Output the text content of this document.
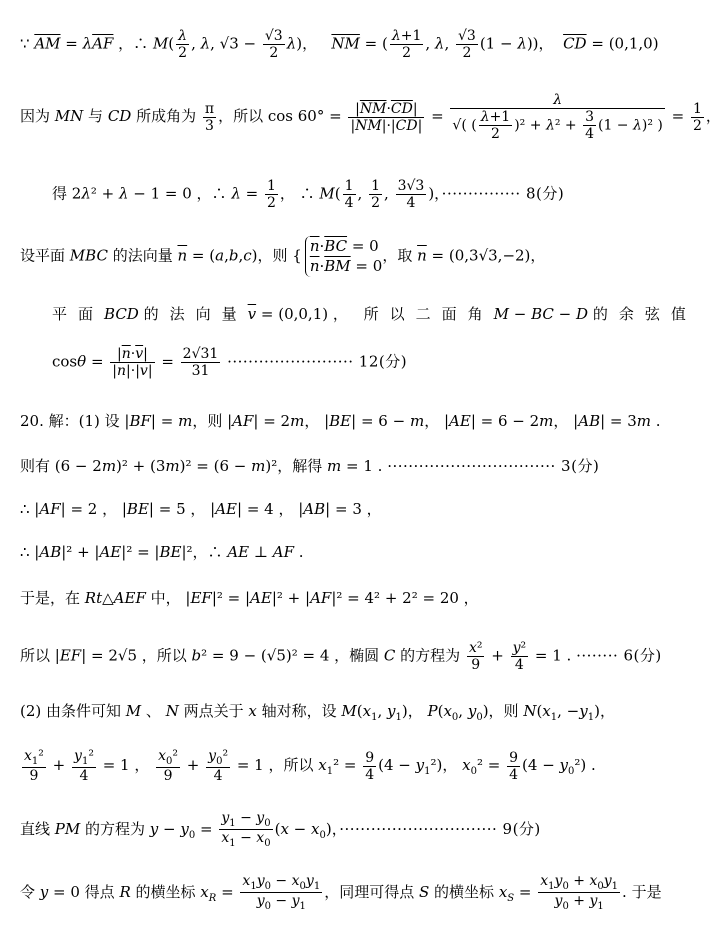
∵ $\overline{AM} = \lambda\overline{AF}$ ，∴ $M( \frac{\lambda}{2}$ , λ, $√3 - \frac{√3}{2} \lambda$)，   $\overline{NM}$ = ( $\frac{\lambda+1}{2}$ , λ, $\frac{√3}{2} (1 - \lambda)$)，  $\overline{CD} = (0,1,0)$
因为 MN 与 CD 所成角为 $\frac{\pi}{3}$ ，所以 $\cos 60^\circ = \frac{|\overline{NM}\cdot\overline{CD}|}{|\overline{NM}|\cdot|\overline{CD}|} = \frac{\lambda}{√( ( \frac{\lambda+1}{2} )^2 + \lambda^2 + \frac{3}{4} (1 - \lambda)^2 )} = \frac{1}{2}$ ，
得 2λ² + λ − 1 = 0 ，∴ $\lambda = \frac{1}{2}$ ， ∴ $M( \frac{1}{4}$ , $\frac{1}{2}$ , $\frac{3√3}{4}$ )，··············· 8(分)
设平面 MBC 的法向量 $\overline{n} = (a,b,c)$，则 {$\overline{n}\cdot\overline{BC} = 0$
$\overline{n}\cdot\overline{BM} = 0$，取 $\overline{n} = (0,3√3,-2)$，
平面BCD 的法向量$\overline{v} = (0,0,1)$ ， 所以二面角M − BC − D 的余弦值
$\cos\theta = \frac{|\overline{n}\cdot\overline{v}|}{|\overline{n}|\cdot|\overline{v}|} = \frac{2√31}{31}$ ························ 12(分)
20. 解：(1) 设 |BF| = m，则 |AF| = 2m， |BE| = 6 − m， |AE| = 6 − 2m， |AB| = 3m .
则有 (6 − 2m)² + (3m)² = (6 − m)²，解得 m = 1 . ································ 3(分)
∴ |AF| = 2 ， |BE| = 5 ， |AE| = 4 ， |AB| = 3 ，
∴ |AB|² + |AE|² = |BE|²，∴ AE ⊥ AF .
于是，在 Rt△AEF 中， |EF|² = |AE|² + |AF|² = 4² + 2² = 20 ，
所以 |EF| = 2√5 ，所以 b² = 9 − (√5)² = 4 ，椭圆 C 的方程为 $\frac{\text{x²}}{9} + \frac{\text{y²}}{4} = 1$ . ········ 6(分)
(2) 由条件可知 M 、 N 两点关于 x 轴对称，设 $M(x_1$, $y_1$)， $P(x_0$, $y_0$)，则 $N(x_1$, $-y_1$)，
$\frac{x_1^2}{9} + \frac{y_1^2}{4} = 1$ ， $\frac{x_0^2}{9} + \frac{y_0^2}{4} = 1$ ，所以 $x_1^2 = \frac{9}{4} (4 - y_1^2)$， $x_0^2 = \frac{9}{4} (4 - y_0^2)$ .
直线 PM 的方程为 $y - y_0 = \frac{y_1 - y_0}{x_1 - x_0} (x - x_0)$，······························ 9(分)
令 y = 0 得点 R 的横坐标 $x_R = \frac{x_1y_0 - x_0y_1}{y_0 - y_1}$ ，同理可得点 S 的横坐标 $x_S = \frac{x_1y_0 + x_0y_1}{y_0 + y_1}$ . 于是
